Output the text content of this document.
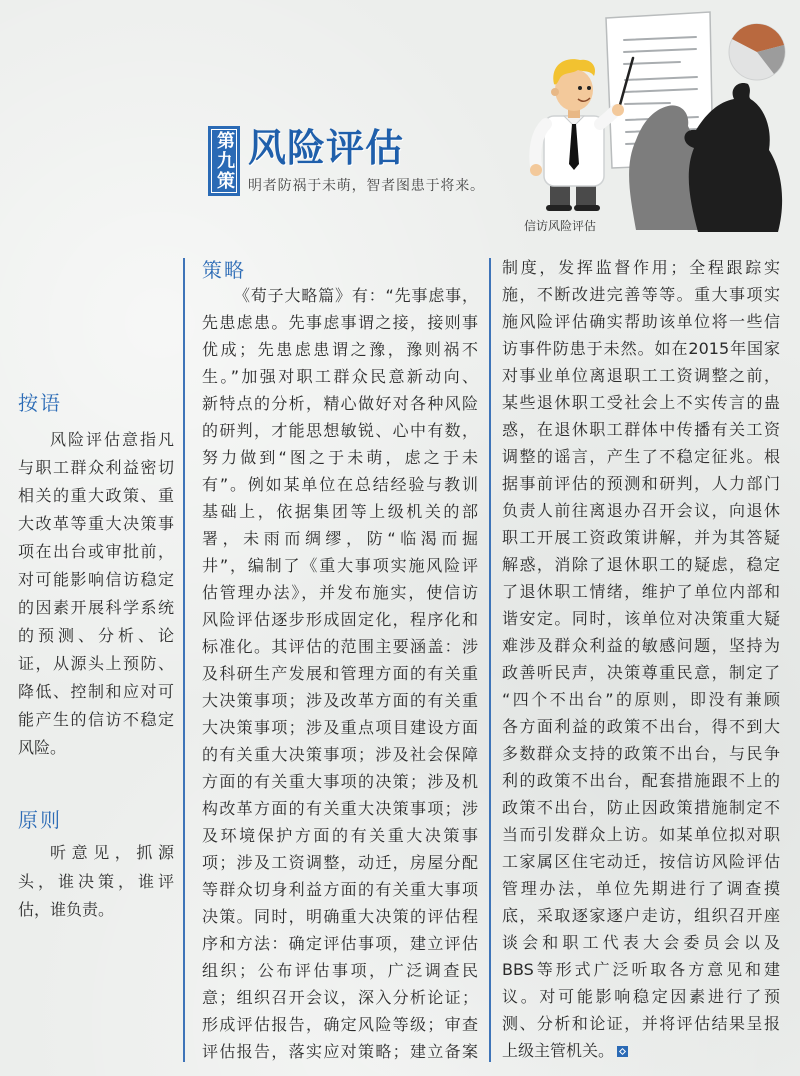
信访风险评估
第九策 风险评估
明者防祸于未萌，智者图患于将来。
按语
风险评估意指凡
与职工群众利益密切
相关的重大政策、重
大改革等重大决策事
项在出台或审批前，
对可能影响信访稳定
的因素开展科学系统
的预测、分析、论
证，从源头上预防、
降低、控制和应对可
能产生的信访不稳定
风险。
原则
听意见，抓源
头，谁决策，谁评
估，谁负责。
策略
《荀子大略篇》有：“先事虑事，
先患虑患。先事虑事谓之接，接则事
优成；先患虑患谓之豫，豫则祸不
生。”加强对职工群众民意新动向、
新特点的分析，精心做好对各种风险
的研判，才能思想敏锐、心中有数，
努力做到“图之于未萌，虑之于未
有”。例如某单位在总结经验与教训
基础上，依据集团等上级机关的部
署，未雨而绸缪，防“临渴而掘
井”，编制了《重大事项实施风险评
估管理办法》，并发布施实，使信访
风险评估逐步形成固定化，程序化和
标准化。其评估的范围主要涵盖：涉
及科研生产发展和管理方面的有关重
大决策事项；涉及改革方面的有关重
大决策事项；涉及重点项目建设方面
的有关重大决策事项；涉及社会保障
方面的有关重大事项的决策；涉及机
构改革方面的有关重大决策事项；涉
及环境保护方面的有关重大决策事
项；涉及工资调整，动迁，房屋分配
等群众切身利益方面的有关重大事项
决策。同时，明确重大决策的评估程
序和方法：确定评估事项，建立评估
组织；公布评估事项，广泛调查民
意；组织召开会议，深入分析论证；
形成评估报告，确定风险等级；审查
评估报告，落实应对策略；建立备案
制度，发挥监督作用；全程跟踪实
施，不断改进完善等等。重大事项实
施风险评估确实帮助该单位将一些信
访事件防患于未然。如在2015年国家
对事业单位离退职工工资调整之前，
某些退休职工受社会上不实传言的蛊
惑，在退休职工群体中传播有关工资
调整的谣言，产生了不稳定征兆。根
据事前评估的预测和研判，人力部门
负责人前往离退办召开会议，向退休
职工开展工资政策讲解，并为其答疑
解惑，消除了退休职工的疑虑，稳定
了退休职工情绪，维护了单位内部和
谐安定。同时，该单位对决策重大疑
难涉及群众利益的敏感问题，坚持为
政善听民声，决策尊重民意，制定了
“四个不出台”的原则，即没有兼顾
各方面利益的政策不出台，得不到大
多数群众支持的政策不出台，与民争
利的政策不出台，配套措施跟不上的
政策不出台，防止因政策措施制定不
当而引发群众上访。如某单位拟对职
工家属区住宅动迁，按信访风险评估
管理办法，单位先期进行了调查摸
底，采取逐家逐户走访，组织召开座
谈会和职工代表大会委员会以及
BBS等形式广泛听取各方意见和建
议。对可能影响稳定因素进行了预
测、分析和论证，并将评估结果呈报
上级主管机关。
